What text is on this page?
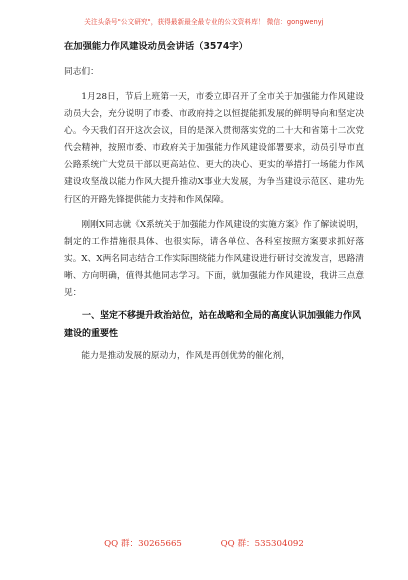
关注头条号"公文研究"，获得最新最全最专业的公文资料库！ 微信：gongwenyj
在加强能力作风建设动员会讲话（3574字）
同志们：

1月28日，节后上班第一天，市委立即召开了全市关于加强能力作风建设动员大会，充分说明了市委、市政府持之以恒提能抓发展的鲜明导向和坚定决心。今天我们召开这次会议，目的是深入贯彻落实党的二十大和省第十二次党代会精神，按照市委、市政府关于加强能力作风建设部署要求，动员引导市直公路系统广大党员干部以更高站位、更大的决心、更实的举措打一场能力作风建设攻坚战以能力作风大提升推动X事业大发展，为争当建设示范区、建功先行区的开路先锋提供能力支持和作风保障。

刚刚X同志就《X系统关于加强能力作风建设的实施方案》作了解读说明，制定的工作措施很具体、也很实际，请各单位、各科室按照方案要求抓好落实。X、X两名同志结合工作实际围绕能力作风建设进行研讨交流发言，思路清晰、方向明确，值得其他同志学习。下面，就加强能力作风建设，我讲三点意见：

一、坚定不移提升政治站位，站在战略和全局的高度认识加强能力作风建设的重要性

能力是推动发展的原动力，作风是再创优势的催化剂，

QQ 群：30265665	QQ 群：535304092
